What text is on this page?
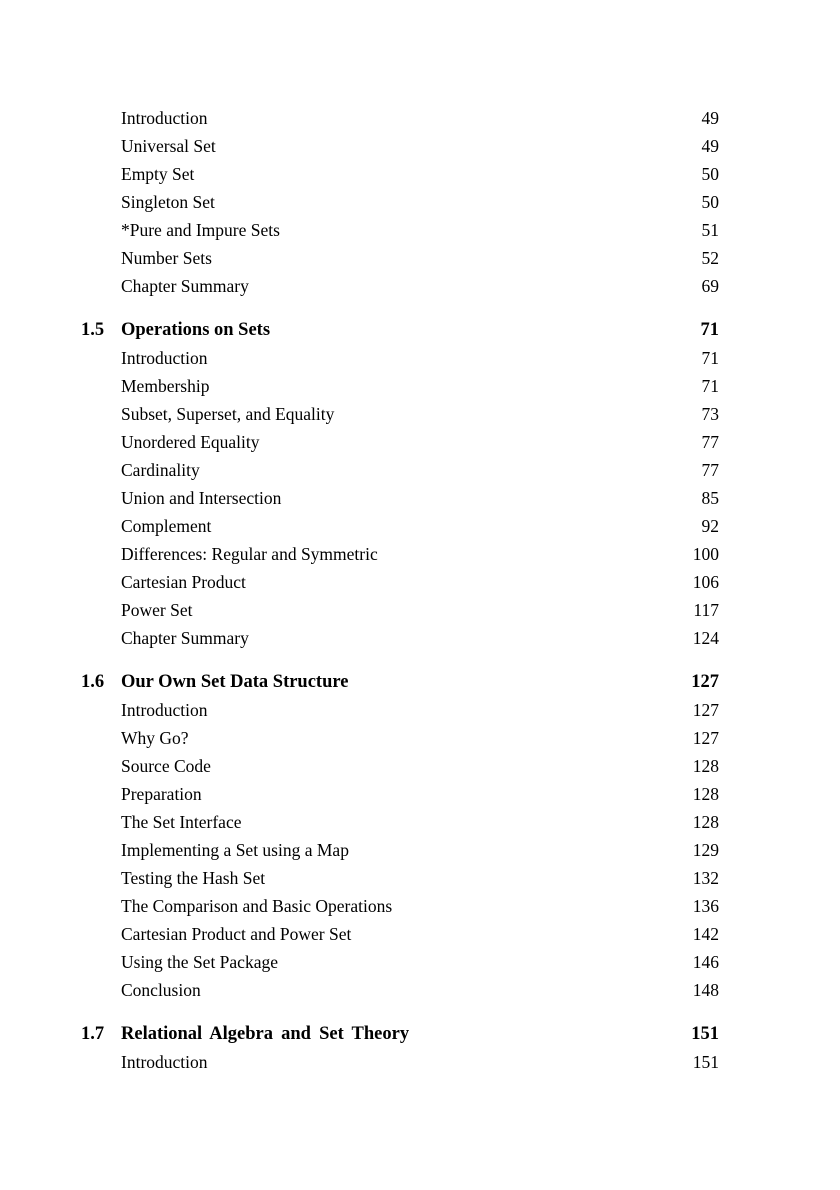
Introduction	49
Universal Set	49
Empty Set	50
Singleton Set	50
*Pure and Impure Sets	51
Number Sets	52
Chapter Summary	69
1.5 Operations on Sets	71
Introduction	71
Membership	71
Subset, Superset, and Equality	73
Unordered Equality	77
Cardinality	77
Union and Intersection	85
Complement	92
Differences: Regular and Symmetric	100
Cartesian Product	106
Power Set	117
Chapter Summary	124
1.6 Our Own Set Data Structure	127
Introduction	127
Why Go?	127
Source Code	128
Preparation	128
The Set Interface	128
Implementing a Set using a Map	129
Testing the Hash Set	132
The Comparison and Basic Operations	136
Cartesian Product and Power Set	142
Using the Set Package	146
Conclusion	148
1.7 Relational Algebra and Set Theory	151
Introduction	151
